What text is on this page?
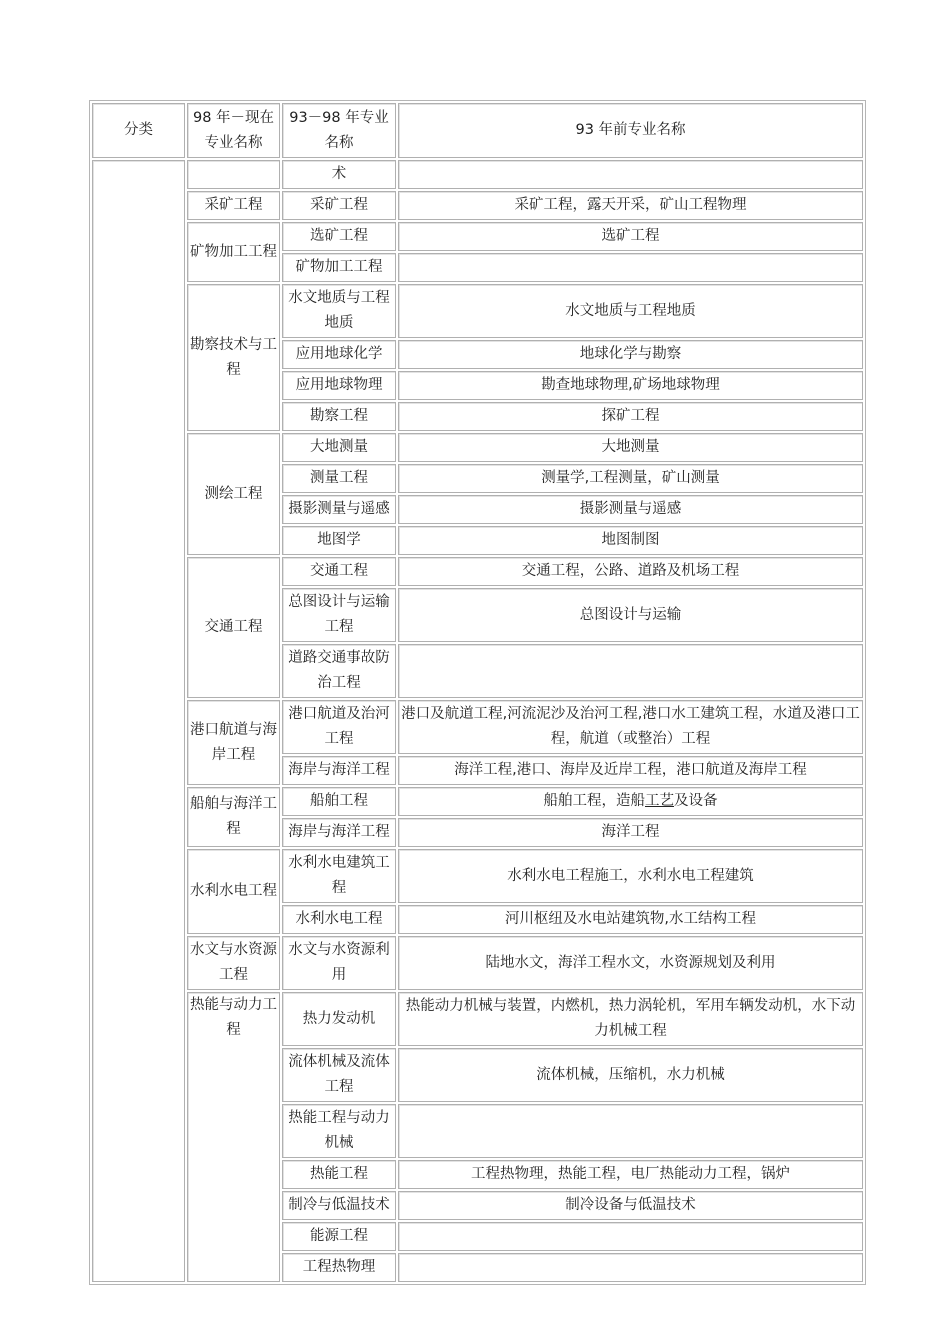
分类	98 年－现在专业名称	93－98 年专业名称	93 年前专业名称
		术	
	采矿工程	采矿工程	采矿工程，露天开采，矿山工程物理
	矿物加工工程	选矿工程	选矿工程
		矿物加工工程	
	勘察技术与工程	水文地质与工程地质	水文地质与工程地质
		应用地球化学	地球化学与勘察
		应用地球物理	勘查地球物理,矿场地球物理
		勘察工程	探矿工程
	测绘工程	大地测量	大地测量
		测量工程	测量学,工程测量，矿山测量
		摄影测量与遥感	摄影测量与遥感
		地图学	地图制图
	交通工程	交通工程	交通工程，公路、道路及机场工程
		总图设计与运输工程	总图设计与运输
		道路交通事故防治工程	
	港口航道与海岸工程	港口航道及治河工程	港口及航道工程,河流泥沙及治河工程,港口水工建筑工程，水道及港口工程，航道（或整治）工程
		海岸与海洋工程	海洋工程,港口、海岸及近岸工程，港口航道及海岸工程
	船舶与海洋工程	船舶工程	船舶工程，造船工艺及设备
		海岸与海洋工程	海洋工程
	水利水电工程	水利水电建筑工程	水利水电工程施工，水利水电工程建筑
		水利水电工程	河川枢纽及水电站建筑物,水工结构工程
	水文与水资源工程	水文与水资源利用	陆地水文，海洋工程水文，水资源规划及利用
	热能与动力工程	热力发动机	热能动力机械与装置，内燃机，热力涡轮机，军用车辆发动机，水下动力机械工程
		流体机械及流体工程	流体机械，压缩机，水力机械
		热能工程与动力机械	
		热能工程	工程热物理，热能工程，电厂热能动力工程，锅炉
		制冷与低温技术	制冷设备与低温技术
		能源工程	
		工程热物理	
